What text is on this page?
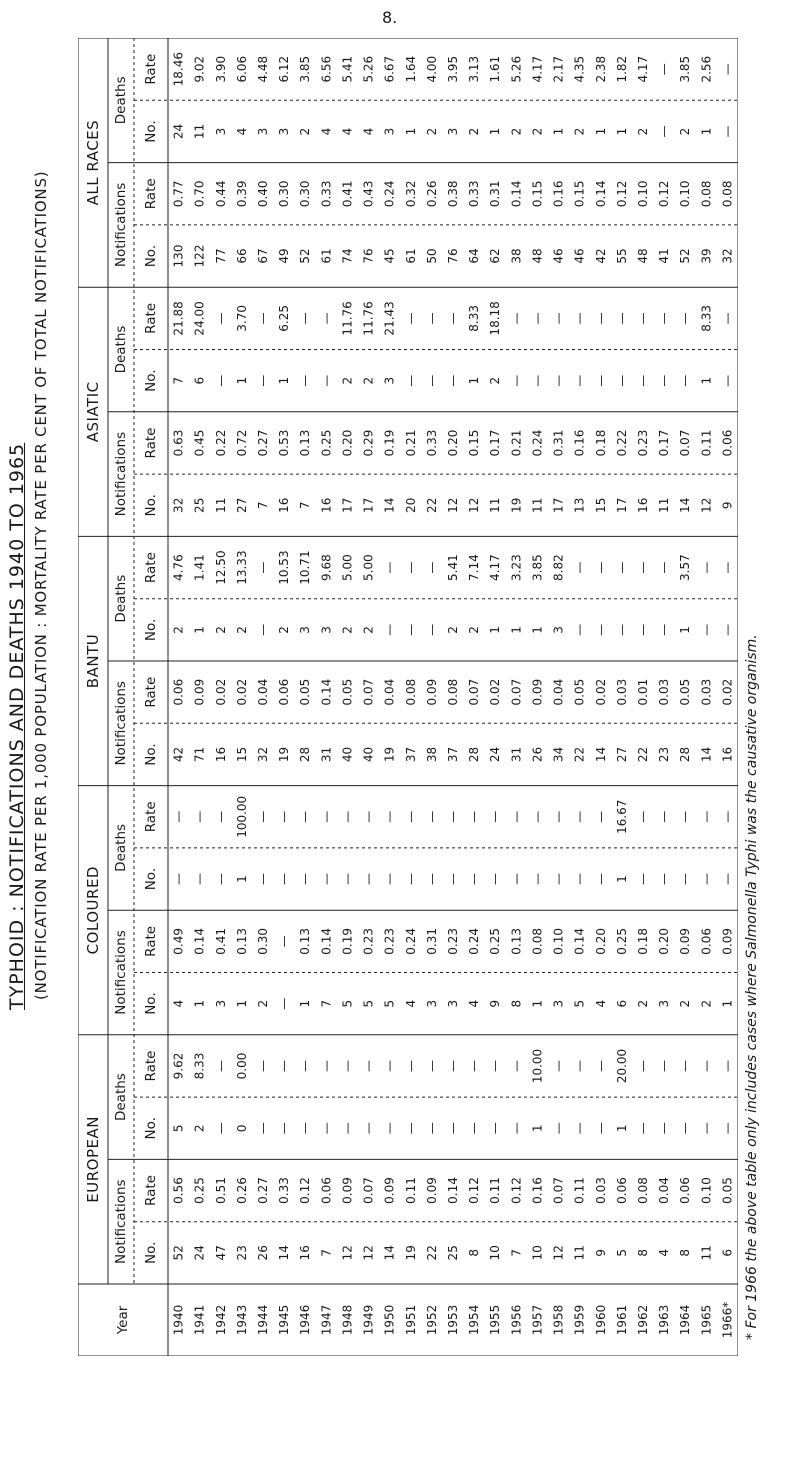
8.
TYPHOID : NOTIFICATIONS AND DEATHS 1940 TO 1965 (NOTIFICATION RATE PER 1,000 POPULATION : MORTALITY RATE PER CENT OF TOTAL NOTIFICATIONS)
Year
EUROPEAN
Notifications No.
Rate
Deaths
No.
Rate
COLOURED
Notifications No.
Rate
Deaths
No.
Rate
BANTU
Notifications No.
Rate
Deaths
No.
Rate
ASIATIC
Notifications No.
Rate
Deaths
No.
Rate
ALL RACES
Notifications No.
Rate
Deaths
No.
Rate
1940
52
0.56
5
9.62
4
0.49
—
—
42
0.06
2
4.76
32
0.63
7
21.88
130
0.77
24
18.46
1941
24
0.25
2
8.33
1
0.14
—
—
71
0.09
1
1.41
25
0.45
6
24.00
122
0.70
11
9.02
1942
47
0.51
—
—
3
0.41
—
—
16
0.02
2
12.50
11
0.22
—
—
77
0.44
3
3.90
1943
23
0.26
0
0.00
1
0.13
1
100.00
15
0.02
2
13.33
27
0.72
1
3.70
66
0.39
4
6.06
1944
26
0.27
—
—
2
0.30
—
—
32
0.04
—
—
7
0.27
—
—
67
0.40
3
4.48
1945
14
0.33
—
—
—
—
—
—
19
0.06
2
10.53
16
0.53
1
6.25
49
0.30
3
6.12
1946
16
0.12
—
—
1
0.13
—
—
28
0.05
3
10.71
7
0.13
—
—
52
0.30
2
3.85
1947
7
0.06
—
—
7
0.14
—
—
31
0.14
3
9.68
16
0.25
—
—
61
0.33
4
6.56
1948
12
0.09
—
—
5
0.19
—
—
40
0.05
2
5.00
17
0.20
2
11.76
74
0.41
4
5.41
1949
12
0.07
—
—
5
0.23
—
—
40
0.07
2
5.00
17
0.29
2
11.76
76
0.43
4
5.26
1950
14
0.09
—
—
5
0.23
—
—
19
0.04
—
—
14
0.19
3
21.43
45
0.24
3
6.67
1951
19
0.11
—
—
4
0.24
—
—
37
0.08
—
—
20
0.21
—
—
61
0.32
1
1.64
1952
22
0.09
—
—
3
0.31
—
—
38
0.09
—
—
22
0.33
—
—
50
0.26
2
4.00
1953
25
0.14
—
—
3
0.23
—
—
37
0.08
2
5.41
12
0.20
—
—
76
0.38
3
3.95
1954
8
0.12
—
—
4
0.24
—
—
28
0.07
2
7.14
12
0.15
1
8.33
64
0.33
2
3.13
1955
10
0.11
—
—
9
0.25
—
—
24
0.02
1
4.17
11
0.17
2
18.18
62
0.31
1
1.61
1956
7
0.12
—
—
8
0.13
—
—
31
0.07
1
3.23
19
0.21
—
—
38
0.14
2
5.26
1957
10
0.16
1
10.00
1
0.08
—
—
26
0.09
1
3.85
11
0.24
—
—
48
0.15
2
4.17
1958
12
0.07
—
—
3
0.10
—
—
34
0.04
3
8.82
17
0.31
—
—
46
0.16
1
2.17
1959
11
0.11
—
—
5
0.14
—
—
22
0.05
—
—
13
0.16
—
—
46
0.15
2
4.35
1960
9
0.03
—
—
4
0.20
—
—
14
0.02
—
—
15
0.18
—
—
42
0.14
1
2.38
1961
5
0.06
1
20.00
6
0.25
1
16.67
27
0.03
—
—
17
0.22
—
—
55
0.12
1
1.82
1962
8
0.08
—
—
2
0.18
—
—
22
0.01
—
—
16
0.23
—
—
48
0.10
2
4.17
1963
4
0.04
—
—
3
0.20
—
—
23
0.03
—
—
11
0.17
—
—
41
0.12
—
—
1964
8
0.06
—
—
2
0.09
—
—
28
0.05
1
3.57
14
0.07
—
—
52
0.10
2
3.85
1965
11
0.10
—
—
2
0.06
—
—
14
0.03
—
—
12
0.11
1
8.33
39
0.08
1
2.56
1966*
6
0.05
—
—
1
0.09
—
—
16
0.02
—
—
9
0.06
—
—
32
0.08
—
—
* For 1966 the above table only includes cases where Salmonella Typhi was the causative organism.
